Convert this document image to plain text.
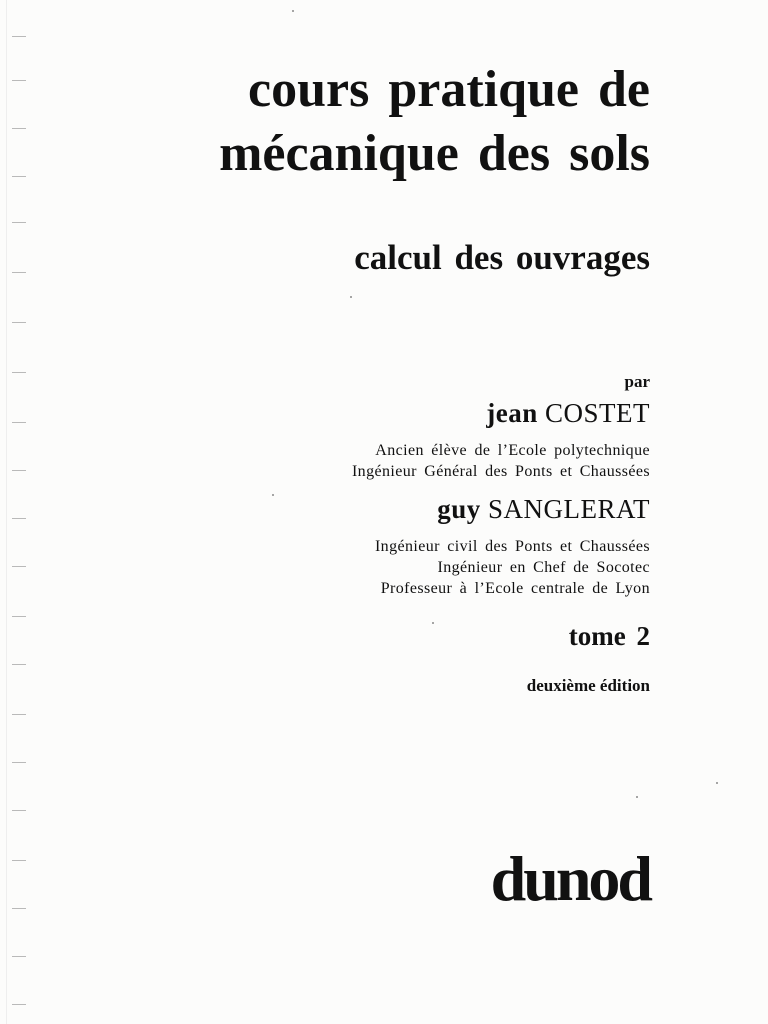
cours pratique de
mécanique des sols
calcul des ouvrages
par
jean COSTET
Ancien élève de l’Ecole polytechnique
Ingénieur Général des Ponts et Chaussées
guy SANGLERAT
Ingénieur civil des Ponts et Chaussées
Ingénieur en Chef de Socotec
Professeur à l’Ecole centrale de Lyon
tome 2
deuxième édition
dunod
